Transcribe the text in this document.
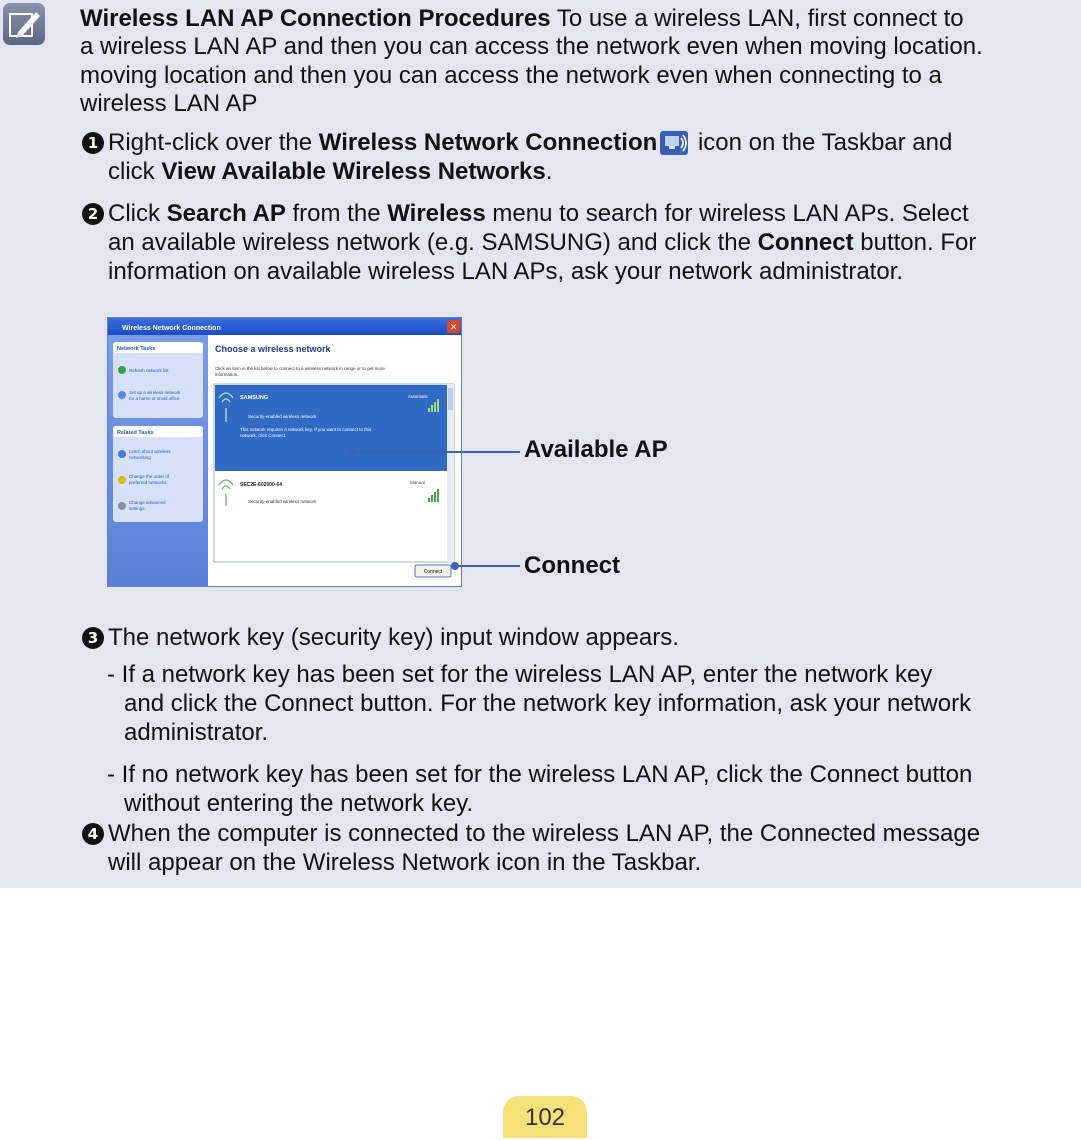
Wireless LAN AP Connection Procedures To use a wireless LAN, first connect to
a wireless LAN AP and then you can access the network even when moving location.
moving location and then you can access the network even when connecting to a
wireless LAN AP
1 Right-click over the Wireless Network Connection icon on the Taskbar and
click View Available Wireless Networks.
2 Click Search AP from the Wireless menu to search for wireless LAN APs. Select
an available wireless network (e.g. SAMSUNG) and click the Connect button. For
information on available wireless LAN APs, ask your network administrator.
Wireless Network Connection	✕
Network Tasks
Refresh network list
Set up a wireless network for a home or small office
Related Tasks
Learn about wireless networking
Change the order of preferred networks
Change advanced settings
Choose a wireless network
Click an item in the list below to connect to a wireless network in range or to get more information.
SAMSUNG	Automatic
Security-enabled wireless network
This network requires a network key. If you want to connect to this network, click Connect.
SEC2E-602000-64	Manual
Security-enabled wireless network
Connect
Available AP
Connect
3 The network key (security key) input window appears.
- If a network key has been set for the wireless LAN AP, enter the network key
and click the Connect button. For the network key information, ask your network
administrator.
- If no network key has been set for the wireless LAN AP, click the Connect button
without entering the network key.
4 When the computer is connected to the wireless LAN AP, the Connected message
will appear on the Wireless Network icon in the Taskbar.
102
